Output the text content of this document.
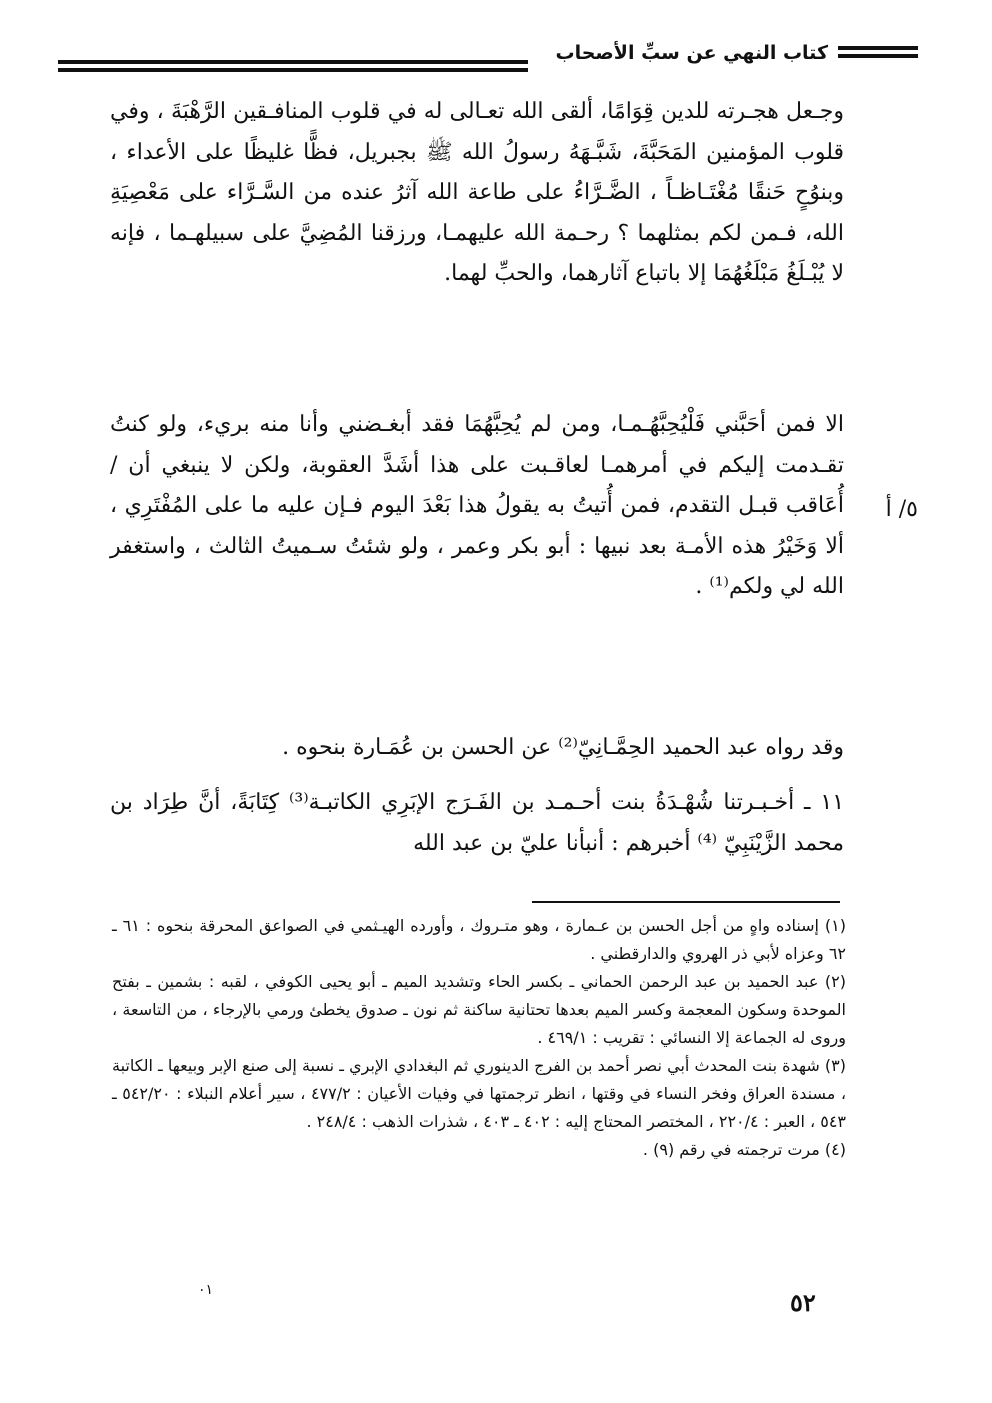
كتاب النهي عن سبِّ الأصحاب

وجـعل هجـرته للدين قِوَامًا، ألقى الله تعـالى له في قلوب المنافـقين الرَّهْبَةَ ، وفي قلوب المؤمنين المَحَبَّةَ، شَبَّـهَهُ رسولُ الله ﷺ بجبريل، فظًّا غليظًا على الأعداء ، وبنوُحٍ حَنقًا مُغْتَـاظـاً ، الضَّـرَّاءُ على طاعة الله آثرُ عنده من السَّـرَّاء على مَعْصِيَةِ الله، فـمن لكم بمثلهما ؟ رحـمة الله عليهمـا، ورزقنا المُضِيَّ على سبيلهـما ، فإنه لا يُبْـلَغُ مَبْلَغُهُمَا إلا باتباع آثارهما، والحبِّ لهما.

الا فمن أحَبَّني فَلْيُحِبَّهُـمـا، ومن لم يُحِبَّهُمَا فقد أبغـضني وأنا منه بريء، ولو كنتُ تقـدمت إليكم في أمرهمـا لعاقـبت على هذا أشَدَّ العقوبة، ولكن لا ينبغي أن / أُعَاقب قبـل التقدم، فمن أُتيتُ به يقولُ هذا بَعْدَ اليوم فـإن عليه ما على المُفْتَرِي ، ألا وَخَيْرُ هذه الأمـة بعد نبيها : أبو بكر وعمر ، ولو شئتُ سـميتُ الثالث ، واستغفر الله لي ولكم⁽¹⁾ .

وقد رواه عبد الحميد الحِمَّـانِيّ⁽²⁾ عن الحسن بن عُمَـارة بنحوه .

١١ ـ أخـبـرتنا شُهْـدَةُ بنت أحـمـد بن الفَـرَج الإبَرِي الكاتبـة⁽³⁾ كِتَابَةً، أنَّ طِرَاد بن محمد الزَّيْنَبِيّ ⁽⁴⁾ أخبرهم : أنبأنا عليّ بن عبد الله

٥/ أ

(١) إسناده واهٍ من أجل الحسن بن عـمارة ، وهو متـروك ، وأورده الهيـثمي في الصواعق المحرقة بنحوه : ٦١ ـ ٦٢ وعزاه لأبي ذر الهروي والدارقطني .

(٢) عبد الحميد بن عبد الرحمن الحماني ـ بكسر الحاء وتشديد الميم ـ أبو يحيى الكوفي ، لقبه : بشمين ـ بفتح الموحدة وسكون المعجمة وكسر الميم بعدها تحتانية ساكنة ثم نون ـ صدوق يخطئ ورمي بالإرجاء ، من التاسعة ، وروى له الجماعة إلا النسائي : تقريب : ٤٦٩/١ .

(٣) شهدة بنت المحدث أبي نصر أحمد بن الفرج الدينوري ثم البغدادي الإبري ـ نسبة إلى صنع الإبر وبيعها ـ الكاتبة ، مسندة العراق وفخر النساء في وقتها ، انظر ترجمتها في وفيات الأعيان : ٤٧٧/٢ ، سير أعلام النبلاء : ٥٤٢/٢٠ ـ ٥٤٣ ، العبر : ٢٢٠/٤ ، المختصر المحتاج إليه : ٤٠٢ ـ ٤٠٣ ، شذرات الذهب : ٢٤٨/٤ .

(٤) مرت ترجمته في رقم (٩) .

٠١	٥٢
